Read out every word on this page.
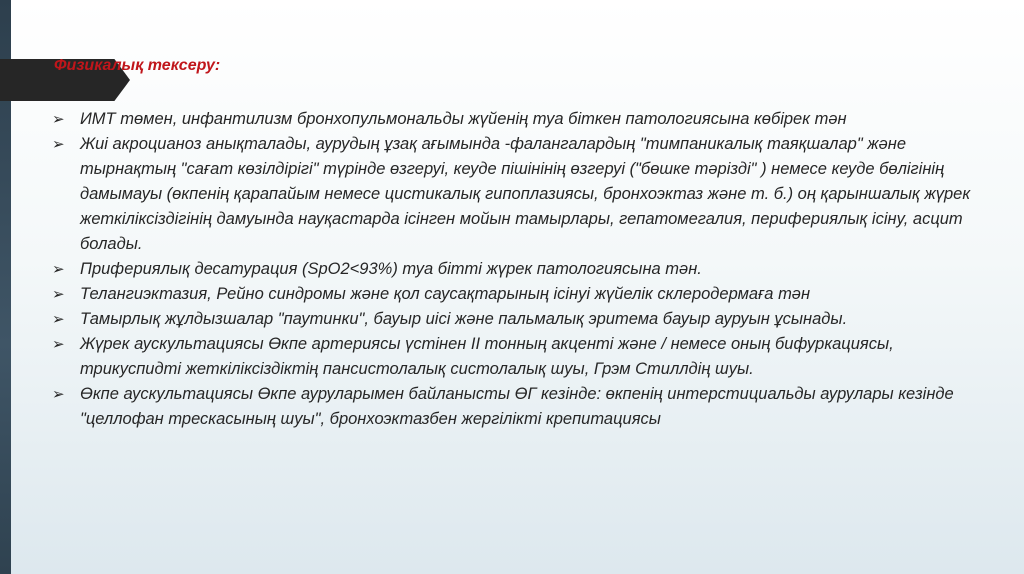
Физикалық тексеру:
➢ ИМТ төмен, инфантилизм бронхопульмональды жүйенің туа біткен патологиясына көбірек тән
➢ Жиі акроцианоз анықталады, аурудың ұзақ ағымында -фалангалардың "тимпаникалық таяқшалар" және тырнақтың "сағат көзілдірігі" түрінде өзгеруі, кеуде пішінінің өзгеруі ("бөшке тәрізді" ) немесе кеуде бөлігінің дамымауы (өкпенің қарапайым немесе цистикалық гипоплазиясы, бронхоэктаз және т. б.) оң қарыншалық жүрек жеткіліксіздігінің дамуында науқастарда ісінген мойын тамырлары, гепатомегалия, перифериялық ісіну, асцит болады.
➢ Прифериялық десатурация (SpO2<93%) туа бітті жүрек патологиясына тән.
➢ Телангиэктазия, Рейно синдромы және қол саусақтарының ісінуі жүйелік склеродермаға тән
➢ Тамырлық жұлдызшалар "паутинки", бауыр иісі және пальмалық эритема бауыр ауруын ұсынады.
➢ Жүрек аускультациясы Өкпе артериясы үстінен II тонның акценті және / немесе оның бифуркациясы, трикуспидті жеткіліксіздіктің пансистолалық систолалық шуы, Грэм Стиллдің шуы.
➢ Өкпе аускультациясы Өкпе ауруларымен байланысты ӨГ кезінде: өкпенің интерстициальды аурулары кезінде "целлофан трескасының шуы", бронхоэктазбен жергілікті крепитациясы
